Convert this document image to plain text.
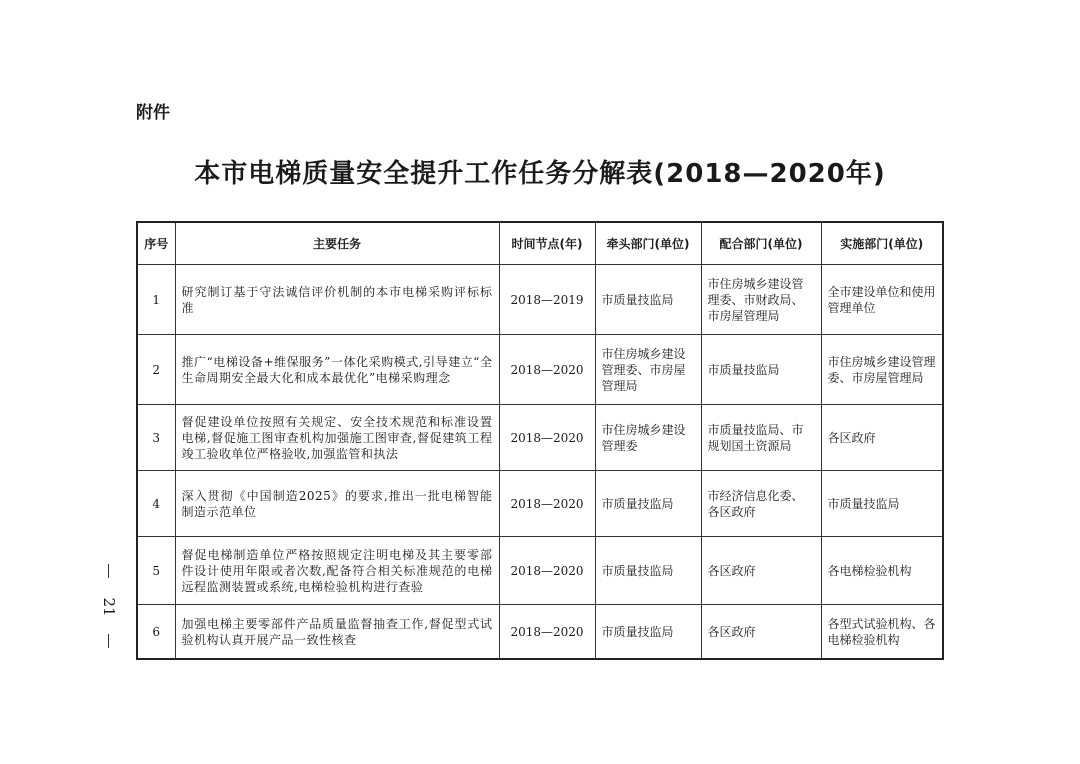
附件
本市电梯质量安全提升工作任务分解表(2018—2020年)
21
序号	主要任务	时间节点(年)	牵头部门(单位)	配合部门(单位)	实施部门(单位)
1	研究制订基于守法诚信评价机制的本市电梯采购评标标准	2018—2019	市质量技监局	市住房城乡建设管理委、市财政局、市房屋管理局	全市建设单位和使用管理单位
2	推广“电梯设备+维保服务”一体化采购模式,引导建立“全生命周期安全最大化和成本最优化”电梯采购理念	2018—2020	市住房城乡建设管理委、市房屋管理局	市质量技监局	市住房城乡建设管理委、市房屋管理局
3	督促建设单位按照有关规定、安全技术规范和标准设置电梯,督促施工图审查机构加强施工图审查,督促建筑工程竣工验收单位严格验收,加强监管和执法	2018—2020	市住房城乡建设管理委	市质量技监局、市规划国土资源局	各区政府
4	深入贯彻《中国制造2025》的要求,推出一批电梯智能制造示范单位	2018—2020	市质量技监局	市经济信息化委、各区政府	市质量技监局
5	督促电梯制造单位严格按照规定注明电梯及其主要零部件设计使用年限或者次数,配备符合相关标准规范的电梯远程监测装置或系统,电梯检验机构进行查验	2018—2020	市质量技监局	各区政府	各电梯检验机构
6	加强电梯主要零部件产品质量监督抽查工作,督促型式试验机构认真开展产品一致性核查	2018—2020	市质量技监局	各区政府	各型式试验机构、各电梯检验机构
